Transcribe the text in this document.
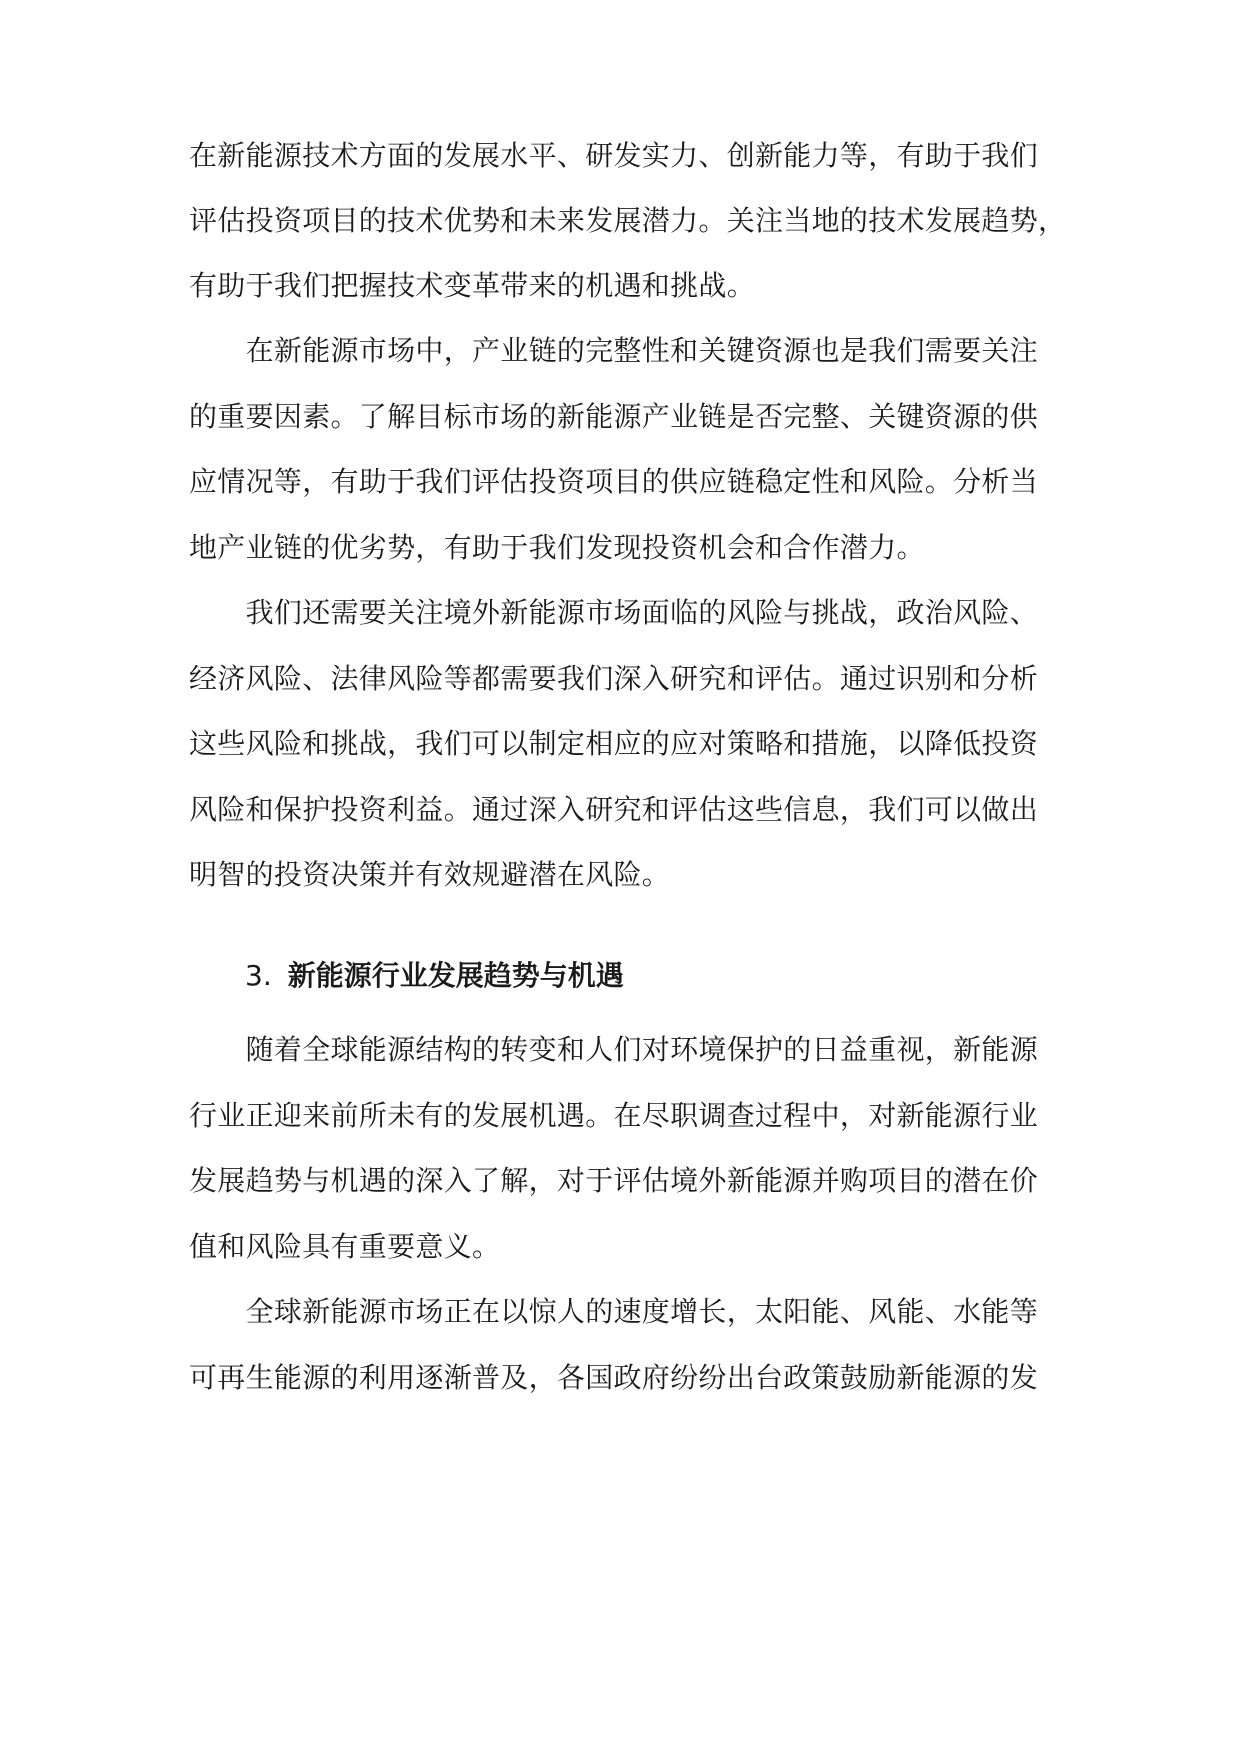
在新能源技术方面的发展水平、研发实力、创新能力等，有助于我们
评估投资项目的技术优势和未来发展潜力。关注当地的技术发展趋势，
有助于我们把握技术变革带来的机遇和挑战。
　　在新能源市场中，产业链的完整性和关键资源也是我们需要关注
的重要因素。了解目标市场的新能源产业链是否完整、关键资源的供
应情况等，有助于我们评估投资项目的供应链稳定性和风险。分析当
地产业链的优劣势，有助于我们发现投资机会和合作潜力。
　　我们还需要关注境外新能源市场面临的风险与挑战，政治风险、
经济风险、法律风险等都需要我们深入研究和评估。通过识别和分析
这些风险和挑战，我们可以制定相应的应对策略和措施，以降低投资
风险和保护投资利益。通过深入研究和评估这些信息，我们可以做出
明智的投资决策并有效规避潜在风险。
3. 新能源行业发展趋势与机遇
　　随着全球能源结构的转变和人们对环境保护的日益重视，新能源
行业正迎来前所未有的发展机遇。在尽职调查过程中，对新能源行业
发展趋势与机遇的深入了解，对于评估境外新能源并购项目的潜在价
值和风险具有重要意义。
　　全球新能源市场正在以惊人的速度增长，太阳能、风能、水能等
可再生能源的利用逐渐普及，各国政府纷纷出台政策鼓励新能源的发
